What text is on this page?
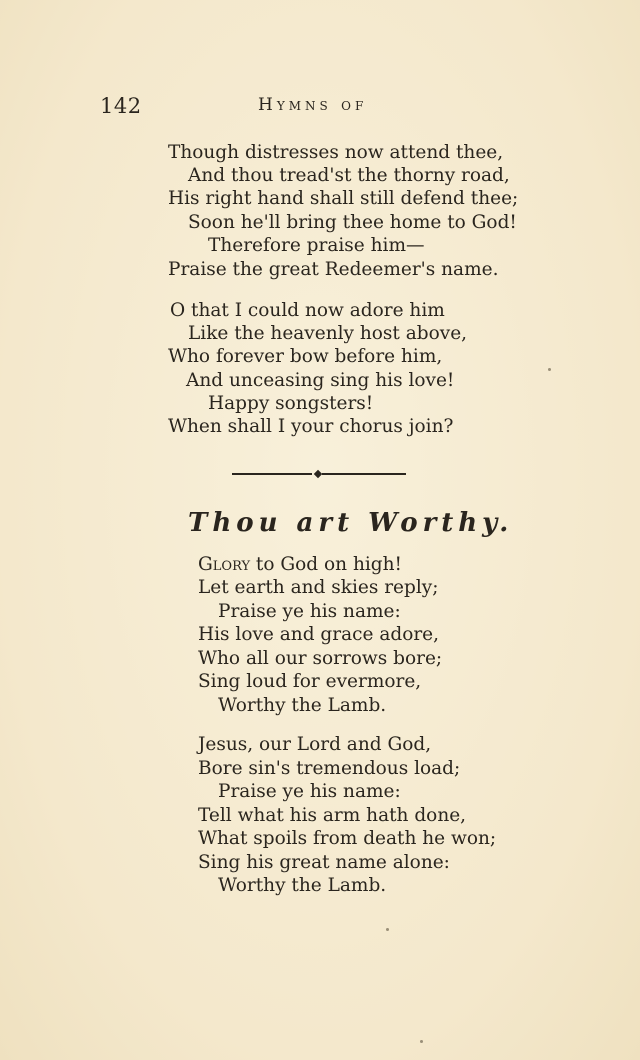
142	Hymns of
Though distresses now attend thee,
And thou tread'st the thorny road,
His right hand shall still defend thee;
Soon he'll bring thee home to God!
Therefore praise him—
Praise the great Redeemer's name.
O that I could now adore him
Like the heavenly host above,
Who forever bow before him,
And unceasing sing his love!
Happy songsters!
When shall I your chorus join?
Thou art Worthy.
Glory to God on high!
Let earth and skies reply;
Praise ye his name:
His love and grace adore,
Who all our sorrows bore;
Sing loud for evermore,
Worthy the Lamb.
Jesus, our Lord and God,
Bore sin's tremendous load;
Praise ye his name:
Tell what his arm hath done,
What spoils from death he won;
Sing his great name alone:
Worthy the Lamb.
